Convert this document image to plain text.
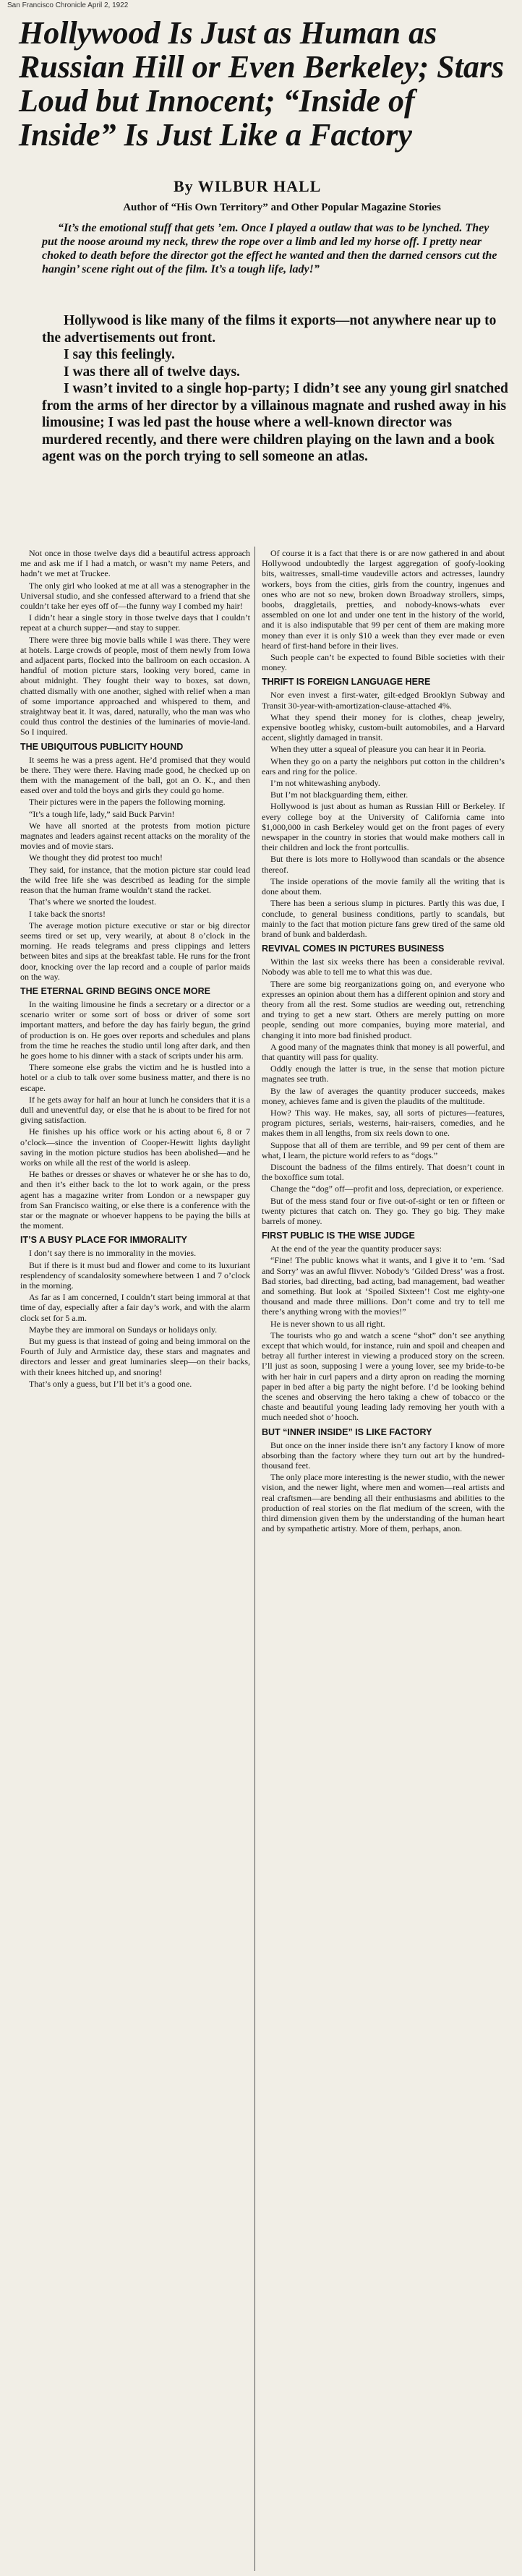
San Francisco Chronicle April 2, 1922
Hollywood Is Just as Human as Russian Hill or Even Berkeley; Stars Loud but Innocent; “Inside of Inside” Is Just Like a Factory
By WILBUR HALL
Author of “His Own Territory” and Other Popular Magazine Stories

“It’s the emotional stuff that gets ’em. Once I played a outlaw that was to be lynched. They put the noose around my neck, threw the rope over a limb and led my horse off. I pretty near choked to death before the director got the effect he wanted and then the darned censors cut the hangin’ scene right out of the film. It’s a tough life, lady!”

Hollywood is like many of the films it exports—not anywhere near up to the advertisements out front.

I say this feelingly.

I was there all of twelve days.

I wasn’t invited to a single hop-party; I didn’t see any young girl snatched from the arms of her director by a villainous magnate and rushed away in his limousine; I was led past the house where a well-known director was murdered recently, and there were children playing on the lawn and a book agent was on the porch trying to sell someone an atlas.

Not once in those twelve days did a beautiful actress approach me and ask me if I had a match, or wasn’t my name Peters, and hadn’t we met at Truckee.

The only girl who looked at me at all was a stenographer in the Universal studio, and she confessed afterward to a friend that she couldn’t take her eyes off of—the funny way I combed my hair!

I didn’t hear a single story in those twelve days that I couldn’t repeat at a church supper—and stay to supper.

There were three big movie balls while I was there. They were at hotels. Large crowds of people, most of them newly from Iowa and adjacent parts, flocked into the ballroom on each occasion. A handful of motion picture stars, looking very bored, came in about midnight. They fought their way to boxes, sat down, chatted dismally with one another, sighed with relief when a man of some importance approached and whispered to them, and straightway beat it. It was, dared, naturally, who the man was who could thus control the destinies of the luminaries of movie-land. So I inquired.

THE UBIQUITOUS PUBLICITY HOUND

It seems he was a press agent. He’d promised that they would be there. They were there. Having made good, he checked up on them with the management of the ball, got an O. K., and then eased over and told the boys and girls they could go home.

Their pictures were in the papers the following morning.

“It’s a tough life, lady,” said Buck Parvin!

We have all snorted at the protests from motion picture magnates and leaders against recent attacks on the morality of the movies and of movie stars.

We thought they did protest too much!

They said, for instance, that the motion picture star could lead the wild free life she was described as leading for the simple reason that the human frame wouldn’t stand the racket.

That’s where we snorted the loudest.

I take back the snorts!

The average motion picture executive or star or big director seems tired or set up, very wearily, at about 8 o’clock in the morning. He reads telegrams and press clippings and letters between bites and sips at the breakfast table. He runs for the front door, knocking over the lap record and a couple of parlor maids on the way.

THE ETERNAL GRIND BEGINS ONCE MORE

In the waiting limousine he finds a secretary or a director or a scenario writer or some sort of boss or driver of some sort important matters, and before the day has fairly begun, the grind of production is on. He goes over reports and schedules and plans from the time he reaches the studio until long after dark, and then he goes home to his dinner with a stack of scripts under his arm.

There someone else grabs the victim and he is hustled into a hotel or a club to talk over some business matter, and there is no escape.

If he gets away for half an hour at lunch he considers that it is a dull and uneventful day, or else that he is about to be fired for not giving satisfaction.

He finishes up his office work or his acting about 6, 8 or 7 o’clock—since the invention of Cooper-Hewitt lights daylight saving in the motion picture studios has been abolished—and he works on while all the rest of the world is asleep.

He bathes or dresses or shaves or whatever he or she has to do, and then it’s either back to the lot to work again, or the press agent has a magazine writer from London or a newspaper guy from San Francisco waiting, or else there is a conference with the star or the magnate or whoever happens to be paying the bills at the moment.

IT’S A BUSY PLACE FOR IMMORALITY

I don’t say there is no immorality in the movies.

But if there is it must bud and flower and come to its luxuriant resplendency of scandalosity somewhere between 1 and 7 o’clock in the morning.

As far as I am concerned, I couldn’t start being immoral at that time of day, especially after a fair day’s work, and with the alarm clock set for 5 a.m.

Maybe they are immoral on Sundays or holidays only.

But my guess is that instead of going and being immoral on the Fourth of July and Armistice day, these stars and magnates and directors and lesser and great luminaries sleep—on their backs, with their knees hitched up, and snoring!

That’s only a guess, but I’ll bet it’s a good one.

Of course it is a fact that there is or are now gathered in and about Hollywood undoubtedly the largest aggregation of goofy-looking bits, waitresses, small-time vaudeville actors and actresses, laundry workers, boys from the cities, girls from the country, ingenues and ones who are not so new, broken down Broadway strollers, simps, boobs, draggletails, pretties, and nobody-knows-whats ever assembled on one lot and under one tent in the history of the world, and it is also indisputable that 99 per cent of them are making more money than ever it is only $10 a week than they ever made or even heard of first-hand before in their lives.

Such people can’t be expected to found Bible societies with their money.

THRIFT IS FOREIGN LANGUAGE HERE

Nor even invest a first-water, gilt-edged Brooklyn Subway and Transit 30-year-with-amortization-clause-attached 4%.

What they spend their money for is clothes, cheap jewelry, expensive bootleg whisky, custom-built automobiles, and a Harvard accent, slightly damaged in transit.

When they utter a squeal of pleasure you can hear it in Peoria.

When they go on a party the neighbors put cotton in the children’s ears and ring for the police.

I’m not whitewashing anybody.

But I’m not blackguarding them, either.

Hollywood is just about as human as Russian Hill or Berkeley. If every college boy at the University of California came into $1,000,000 in cash Berkeley would get on the front pages of every newspaper in the country in stories that would make mothers call in their children and lock the front portcullis.

But there is lots more to Hollywood than scandals or the absence thereof.

The inside operations of the movie family all the writing that is done about them.

There has been a serious slump in pictures. Partly this was due, I conclude, to general business conditions, partly to scandals, but mainly to the fact that motion picture fans grew tired of the same old brand of bunk and balderdash.

REVIVAL COMES IN PICTURES BUSINESS

Within the last six weeks there has been a considerable revival. Nobody was able to tell me to what this was due.

There are some big reorganizations going on, and everyone who expresses an opinion about them has a different opinion and story and theory from all the rest. Some studios are weeding out, retrenching and trying to get a new start. Others are merely putting on more people, sending out more companies, buying more material, and changing it into more bad finished product.

A good many of the magnates think that money is all powerful, and that quantity will pass for quality.

Oddly enough the latter is true, in the sense that motion picture magnates see truth.

By the law of averages the quantity producer succeeds, makes money, achieves fame and is given the plaudits of the multitude.

How? This way. He makes, say, all sorts of pictures—features, program pictures, serials, westerns, hair-raisers, comedies, and he makes them in all lengths, from six reels down to one.

Suppose that all of them are terrible, and 99 per cent of them are what, I learn, the picture world refers to as “dogs.”

Discount the badness of the films entirely. That doesn’t count in the boxoffice sum total.

Change the “dog” off—profit and loss, depreciation, or experience.

But of the mess stand four or five out-of-sight or ten or fifteen or twenty pictures that catch on. They go. They go big. They make barrels of money.

FIRST PUBLIC IS THE WISE JUDGE

At the end of the year the quantity producer says:

“Fine! The public knows what it wants, and I give it to ’em. ‘Sad and Sorry’ was an awful flivver. Nobody’s ‘Gilded Dress’ was a frost. Bad stories, bad directing, bad acting, bad management, bad weather and something. But look at ‘Spoiled Sixteen’! Cost me eighty-one thousand and made three millions. Don’t come and try to tell me there’s anything wrong with the movies!”

He is never shown to us all right.

The tourists who go and watch a scene “shot” don’t see anything except that which would, for instance, ruin and spoil and cheapen and betray all further interest in viewing a produced story on the screen. I’ll just as soon, supposing I were a young lover, see my bride-to-be with her hair in curl papers and a dirty apron on reading the morning paper in bed after a big party the night before. I’d be looking behind the scenes and observing the hero taking a chew of tobacco or the chaste and beautiful young leading lady removing her youth with a much needed shot o’ hooch.

BUT “INNER INSIDE” IS LIKE FACTORY

But once on the inner inside there isn’t any factory I know of more absorbing than the factory where they turn out art by the hundred-thousand feet.

The only place more interesting is the newer studio, with the newer vision, and the newer light, where men and women—real artists and real craftsmen—are bending all their enthusiasms and abilities to the production of real stories on the flat medium of the screen, with the third dimension given them by the understanding of the human heart and by sympathetic artistry. More of them, perhaps, anon.
